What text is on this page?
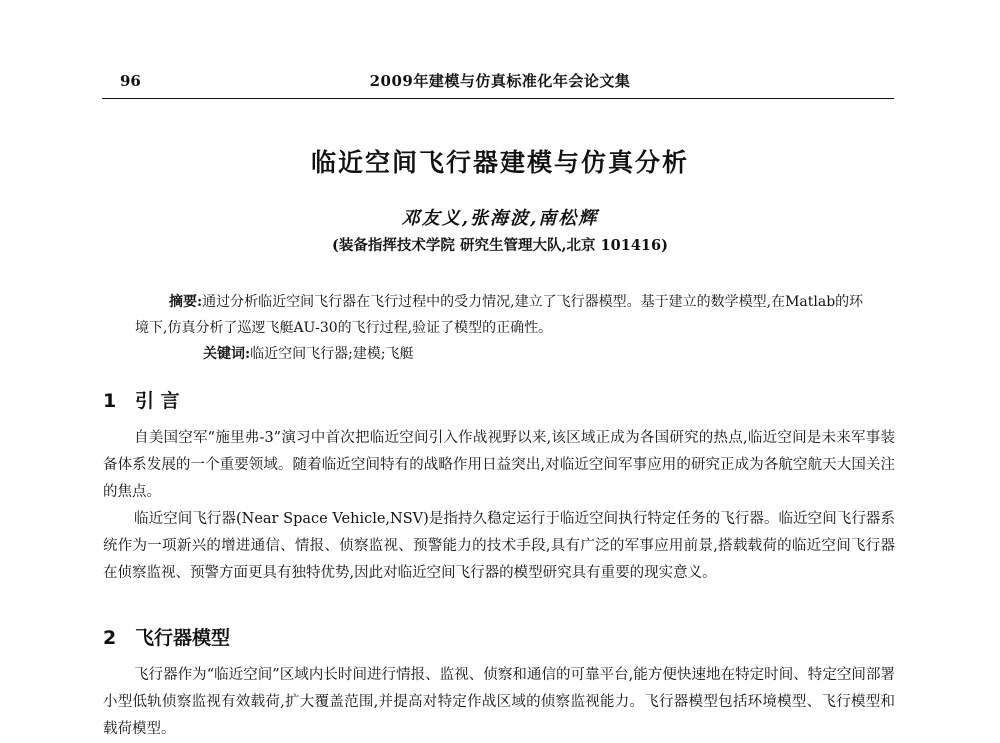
96	2009年建模与仿真标准化年会论文集
临近空间飞行器建模与仿真分析
邓友义,张海波,南松辉
(装备指挥技术学院 研究生管理大队,北京 101416)

摘要:通过分析临近空间飞行器在飞行过程中的受力情况,建立了飞行器模型。基于建立的数学模型,在Matlab的环境下,仿真分析了巡逻飞艇AU-30的飞行过程,验证了模型的正确性。

关键词:临近空间飞行器;建模;飞艇

1 引 言

自美国空军“施里弗-3”演习中首次把临近空间引入作战视野以来,该区域正成为各国研究的热点,临近空间是未来军事装备体系发展的一个重要领域。随着临近空间特有的战略作用日益突出,对临近空间军事应用的研究正成为各航空航天大国关注的焦点。

临近空间飞行器(Near Space Vehicle,NSV)是指持久稳定运行于临近空间执行特定任务的飞行器。临近空间飞行器系统作为一项新兴的增进通信、情报、侦察监视、预警能力的技术手段,具有广泛的军事应用前景,搭载载荷的临近空间飞行器在侦察监视、预警方面更具有独特优势,因此对临近空间飞行器的模型研究具有重要的现实意义。

2 飞行器模型

飞行器作为“临近空间”区域内长时间进行情报、监视、侦察和通信的可靠平台,能方便快速地在特定时间、特定空间部署小型低轨侦察监视有效载荷,扩大覆盖范围,并提高对特定作战区域的侦察监视能力。飞行器模型包括环境模型、飞行模型和载荷模型。
